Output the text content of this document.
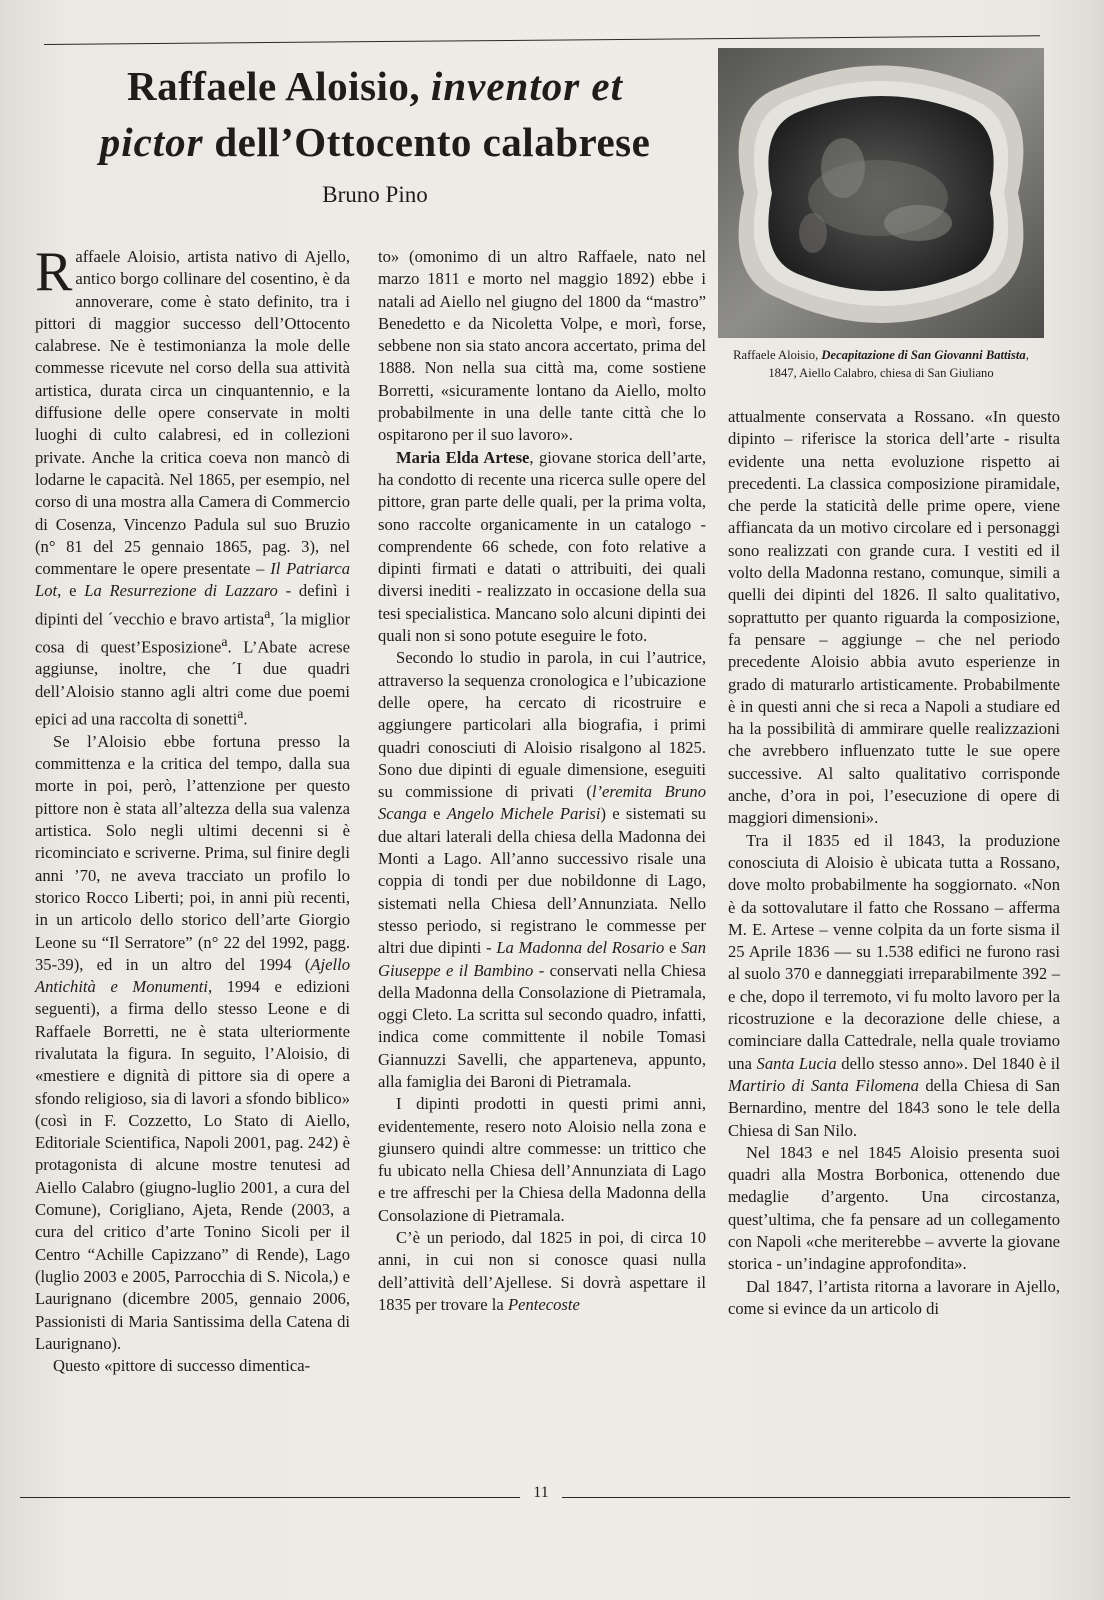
Raffaele Aloisio, inventor et
pictor dell’Ottocento calabrese

Bruno Pino

Raffaele Aloisio, Decapitazione di San Giovanni Battista, 1847, Aiello Calabro, chiesa di San Giuliano

Raffaele Aloisio, artista nativo di Ajello, antico borgo collinare del cosentino, è da annoverare, come è stato definito, tra i pittori di maggior successo dell’Ottocento calabrese. Ne è testimonianza la mole delle commesse ricevute nel corso della sua attività artistica, durata circa un cinquantennio, e la diffusione delle opere conservate in molti luoghi di culto calabresi, ed in collezioni private. Anche la critica coeva non mancò di lodarne le capacità. Nel 1865, per esempio, nel corso di una mostra alla Camera di Commercio di Cosenza, Vincenzo Padula sul suo Bruzio (n° 81 del 25 gennaio 1865, pag. 3), nel commentare le opere presentate – Il Patriarca Lot, e La Resurrezione di Lazzaro - definì i dipinti del ´vecchio e bravo artista$^a$, ´la miglior cosa di quest’Esposizione$^a$. L’Abate acrese aggiunse, inoltre, che ´I due quadri dell’Aloisio stanno agli altri come due poemi epici ad una raccolta di sonetti$^a$.

Se l’Aloisio ebbe fortuna presso la committenza e la critica del tempo, dalla sua morte in poi, però, l’attenzione per questo pittore non è stata all’altezza della sua valenza artistica. Solo negli ultimi decenni si è ricominciato e scriverne. Prima, sul finire degli anni ’70, ne aveva tracciato un profilo lo storico Rocco Liberti; poi, in anni più recenti, in un articolo dello storico dell’arte Giorgio Leone su “Il Serratore” (n° 22 del 1992, pagg. 35-39), ed in un altro del 1994 (Ajello Antichità e Monumenti, 1994 e edizioni seguenti), a firma dello stesso Leone e di Raffaele Borretti, ne è stata ulteriormente rivalutata la figura. In seguito, l’Aloisio, di «mestiere e dignità di pittore sia di opere a sfondo religioso, sia di lavori a sfondo biblico» (così in F. Cozzetto, Lo Stato di Aiello, Editoriale Scientifica, Napoli 2001, pag. 242) è protagonista di alcune mostre tenutesi ad Aiello Calabro (giugno-luglio 2001, a cura del Comune), Corigliano, Ajeta, Rende (2003, a cura del critico d’arte Tonino Sicoli per il Centro “Achille Capizzano” di Rende), Lago (luglio 2003 e 2005, Parrocchia di S. Nicola,) e Laurignano (dicembre 2005, gennaio 2006, Passionisti di Maria Santissima della Catena di Laurignano).

Questo «pittore di successo dimentica-

to» (omonimo di un altro Raffaele, nato nel marzo 1811 e morto nel maggio 1892) ebbe i natali ad Aiello nel giugno del 1800 da “mastro” Benedetto e da Nicoletta Volpe, e morì, forse, sebbene non sia stato ancora accertato, prima del 1888. Non nella sua città ma, come sostiene Borretti, «sicuramente lontano da Aiello, molto probabilmente in una delle tante città che lo ospitarono per il suo lavoro».

Maria Elda Artese, giovane storica dell’arte, ha condotto di recente una ricerca sulle opere del pittore, gran parte delle quali, per la prima volta, sono raccolte organicamente in un catalogo - comprendente 66 schede, con foto relative a dipinti firmati e datati o attribuiti, dei quali diversi inediti - realizzato in occasione della sua tesi specialistica. Mancano solo alcuni dipinti dei quali non si sono potute eseguire le foto.

Secondo lo studio in parola, in cui l’autrice, attraverso la sequenza cronologica e l’ubicazione delle opere, ha cercato di ricostruire e aggiungere particolari alla biografia, i primi quadri conosciuti di Aloisio risalgono al 1825. Sono due dipinti di eguale dimensione, eseguiti su commissione di privati (l’eremita Bruno Scanga e Angelo Michele Parisi) e sistemati su due altari laterali della chiesa della Madonna dei Monti a Lago. All’anno successivo risale una coppia di tondi per due nobildonne di Lago, sistemati nella Chiesa dell’Annunziata. Nello stesso periodo, si registrano le commesse per altri due dipinti - La Madonna del Rosario e San Giuseppe e il Bambino - conservati nella Chiesa della Madonna della Consolazione di Pietramala, oggi Cleto. La scritta sul secondo quadro, infatti, indica come committente il nobile Tomasi Giannuzzi Savelli, che apparteneva, appunto, alla famiglia dei Baroni di Pietramala.

I dipinti prodotti in questi primi anni, evidentemente, resero noto Aloisio nella zona e giunsero quindi altre commesse: un trittico che fu ubicato nella Chiesa dell’Annunziata di Lago e tre affreschi per la Chiesa della Madonna della Consolazione di Pietramala.

C’è un periodo, dal 1825 in poi, di circa 10 anni, in cui non si conosce quasi nulla dell’attività dell’Ajellese. Si dovrà aspettare il 1835 per trovare la Pentecoste

attualmente conservata a Rossano. «In questo dipinto – riferisce la storica dell’arte - risulta evidente una netta evoluzione rispetto ai precedenti. La classica composizione piramidale, che perde la staticità delle prime opere, viene affiancata da un motivo circolare ed i personaggi sono realizzati con grande cura. I vestiti ed il volto della Madonna restano, comunque, simili a quelli dei dipinti del 1826. Il salto qualitativo, soprattutto per quanto riguarda la composizione, fa pensare – aggiunge – che nel periodo precedente Aloisio abbia avuto esperienze in grado di maturarlo artisticamente. Probabilmente è in questi anni che si reca a Napoli a studiare ed ha la possibilità di ammirare quelle realizzazioni che avrebbero influenzato tutte le sue opere successive. Al salto qualitativo corrisponde anche, d’ora in poi, l’esecuzione di opere di maggiori dimensioni».

Tra il 1835 ed il 1843, la produzione conosciuta di Aloisio è ubicata tutta a Rossano, dove molto probabilmente ha soggiornato. «Non è da sottovalutare il fatto che Rossano – afferma M. E. Artese – venne colpita da un forte sisma il 25 Aprile 1836 — su 1.538 edifici ne furono rasi al suolo 370 e danneggiati irreparabilmente 392 – e che, dopo il terremoto, vi fu molto lavoro per la ricostruzione e la decorazione delle chiese, a cominciare dalla Cattedrale, nella quale troviamo una Santa Lucia dello stesso anno». Del 1840 è il Martirio di Santa Filomena della Chiesa di San Bernardino, mentre del 1843 sono le tele della Chiesa di San Nilo.

Nel 1843 e nel 1845 Aloisio presenta suoi quadri alla Mostra Borbonica, ottenendo due medaglie d’argento. Una circostanza, quest’ultima, che fa pensare ad un collegamento con Napoli «che meriterebbe – avverte la giovane storica - un’indagine approfondita».

Dal 1847, l’artista ritorna a lavorare in Ajello, come si evince da un articolo di

11
